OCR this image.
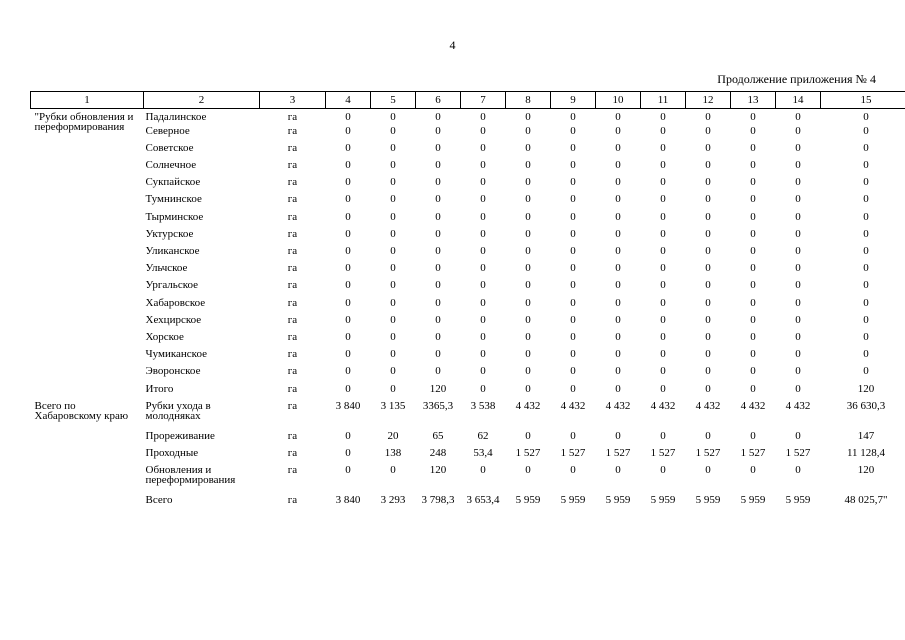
4
Продолжение приложения № 4
1	2	3	4	5	6	7	8	9	10	11	12	13	14	15
"Рубки обновления и переформирования	Падалинское	га	0	0	0	0	0	0	0	0	0	0	0	0
	Северное	га	0	0	0	0	0	0	0	0	0	0	0	0
	Советское	га	0	0	0	0	0	0	0	0	0	0	0	0
	Солнечное	га	0	0	0	0	0	0	0	0	0	0	0	0
	Сукпайское	га	0	0	0	0	0	0	0	0	0	0	0	0
	Тумнинское	га	0	0	0	0	0	0	0	0	0	0	0	0
	Тырминское	га	0	0	0	0	0	0	0	0	0	0	0	0
	Уктурское	га	0	0	0	0	0	0	0	0	0	0	0	0
	Уликанское	га	0	0	0	0	0	0	0	0	0	0	0	0
	Ульчское	га	0	0	0	0	0	0	0	0	0	0	0	0
	Ургальское	га	0	0	0	0	0	0	0	0	0	0	0	0
	Хабаровское	га	0	0	0	0	0	0	0	0	0	0	0	0
	Хехцирское	га	0	0	0	0	0	0	0	0	0	0	0	0
	Хорское	га	0	0	0	0	0	0	0	0	0	0	0	0
	Чумиканское	га	0	0	0	0	0	0	0	0	0	0	0	0
	Эворонское	га	0	0	0	0	0	0	0	0	0	0	0	0
	Итого	га	0	0	120	0	0	0	0	0	0	0	0	120
Всего по Хабаровскому краю	Рубки ухода в молодняках	га	3 840	3 135	3365,3	3 538	4 432	4 432	4 432	4 432	4 432	4 432	4 432	36 630,3
	Прореживание	га	0	20	65	62	0	0	0	0	0	0	0	147
	Проходные	га	0	138	248	53,4	1 527	1 527	1 527	1 527	1 527	1 527	1 527	11 128,4
	Обновления и переформирования	га	0	0	120	0	0	0	0	0	0	0	0	120
	Всего	га	3 840	3 293	3 798,3	3 653,4	5 959	5 959	5 959	5 959	5 959	5 959	5 959	48 025,7"
